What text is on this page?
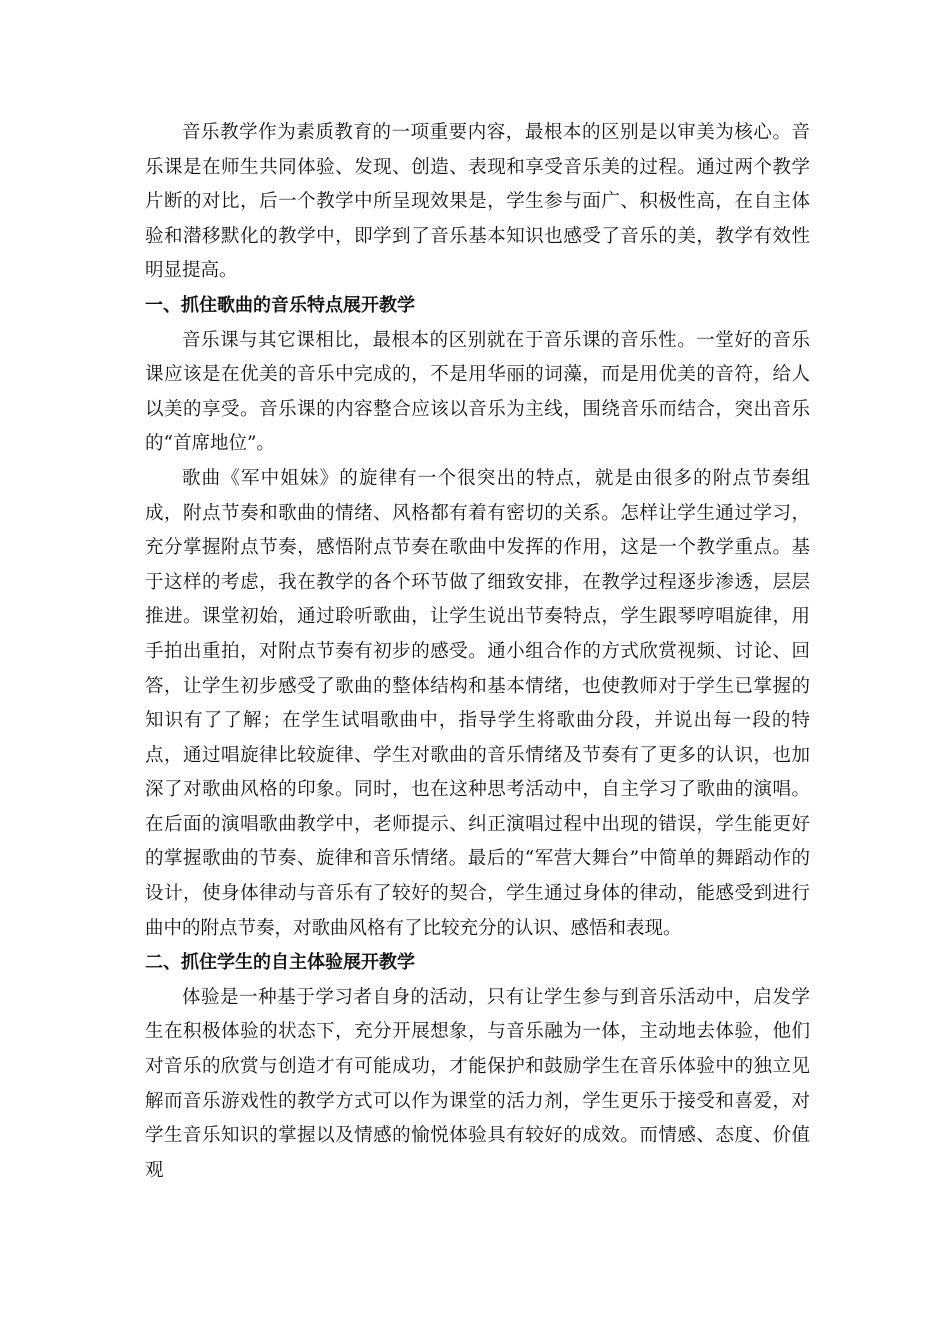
音乐教学作为素质教育的一项重要内容，最根本的区别是以审美为核心。音乐课是在师生共同体验、发现、创造、表现和享受音乐美的过程。通过两个教学片断的对比，后一个教学中所呈现效果是，学生参与面广、积极性高，在自主体验和潜移默化的教学中，即学到了音乐基本知识也感受了音乐的美，教学有效性明显提高。

一、抓住歌曲的音乐特点展开教学

音乐课与其它课相比，最根本的区别就在于音乐课的音乐性。一堂好的音乐课应该是在优美的音乐中完成的，不是用华丽的词藻，而是用优美的音符，给人以美的享受。音乐课的内容整合应该以音乐为主线，围绕音乐而结合，突出音乐的“首席地位”。

歌曲《军中姐妹》的旋律有一个很突出的特点，就是由很多的附点节奏组成，附点节奏和歌曲的情绪、风格都有着有密切的关系。怎样让学生通过学习，充分掌握附点节奏，感悟附点节奏在歌曲中发挥的作用，这是一个教学重点。基于这样的考虑，我在教学的各个环节做了细致安排，在教学过程逐步渗透，层层推进。课堂初始，通过聆听歌曲，让学生说出节奏特点，学生跟琴哼唱旋律，用手拍出重拍，对附点节奏有初步的感受。通小组合作的方式欣赏视频、讨论、回答，让学生初步感受了歌曲的整体结构和基本情绪，也使教师对于学生已掌握的知识有了了解；在学生试唱歌曲中，指导学生将歌曲分段，并说出每一段的特点，通过唱旋律比较旋律、学生对歌曲的音乐情绪及节奏有了更多的认识，也加深了对歌曲风格的印象。同时，也在这种思考活动中，自主学习了歌曲的演唱。在后面的演唱歌曲教学中，老师提示、纠正演唱过程中出现的错误，学生能更好的掌握歌曲的节奏、旋律和音乐情绪。最后的“军营大舞台”中简单的舞蹈动作的设计，使身体律动与音乐有了较好的契合，学生通过身体的律动，能感受到进行曲中的附点节奏，对歌曲风格有了比较充分的认识、感悟和表现。

二、抓住学生的自主体验展开教学

体验是一种基于学习者自身的活动，只有让学生参与到音乐活动中，启发学生在积极体验的状态下，充分开展想象，与音乐融为一体，主动地去体验，他们对音乐的欣赏与创造才有可能成功，才能保护和鼓励学生在音乐体验中的独立见解而音乐游戏性的教学方式可以作为课堂的活力剂，学生更乐于接受和喜爱，对学生音乐知识的掌握以及情感的愉悦体验具有较好的成效。而情感、态度、价值观
